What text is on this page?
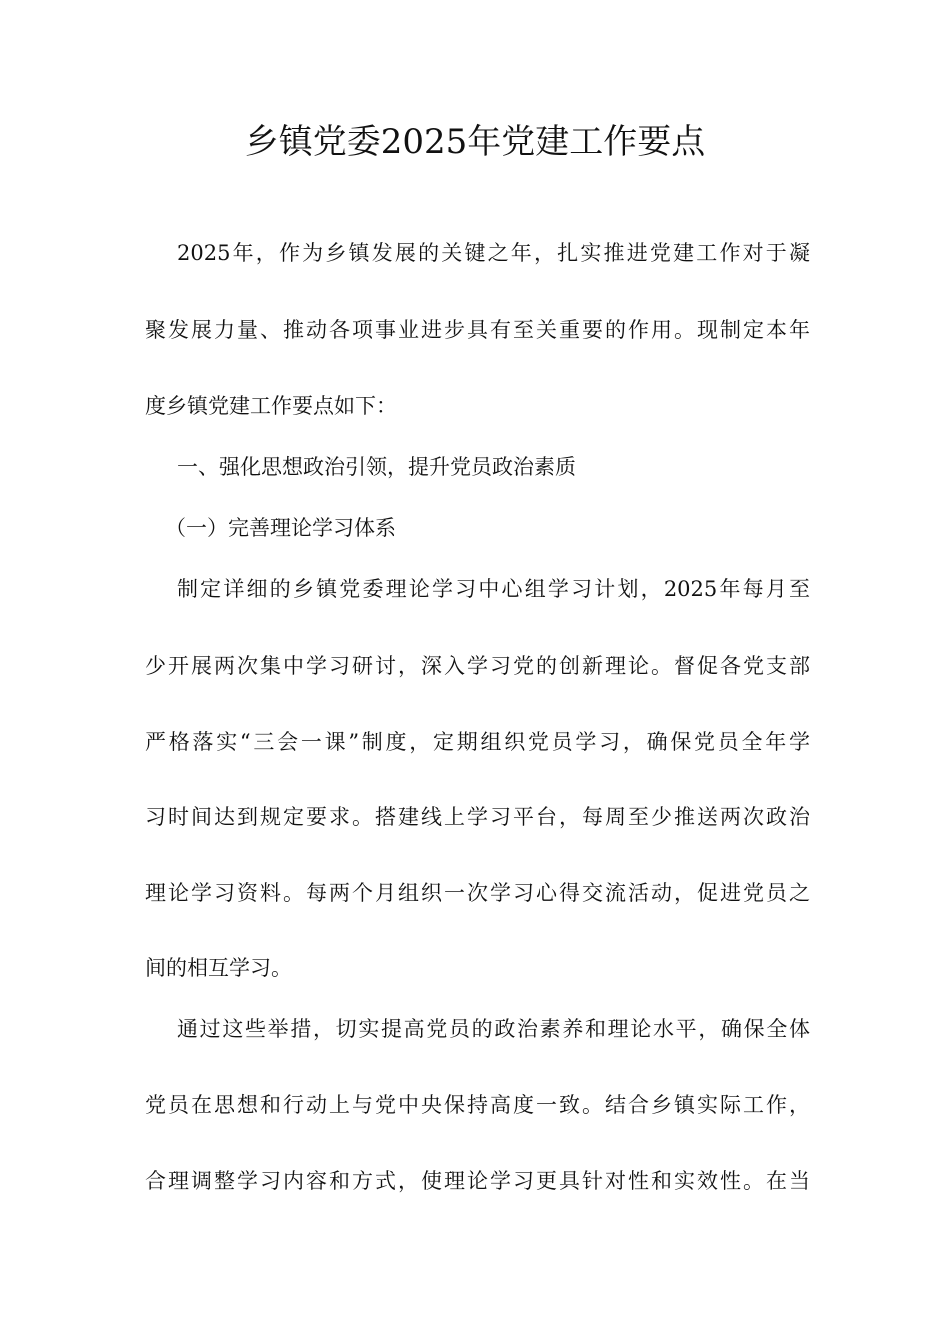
乡镇党委2025年党建工作要点
2025年，作为乡镇发展的关键之年，扎实推进党建工作对于凝
聚发展力量、推动各项事业进步具有至关重要的作用。现制定本年
度乡镇党建工作要点如下：
一、强化思想政治引领，提升党员政治素质
（一）完善理论学习体系
制定详细的乡镇党委理论学习中心组学习计划，2025年每月至
少开展两次集中学习研讨，深入学习党的创新理论。督促各党支部
严格落实“三会一课”制度，定期组织党员学习，确保党员全年学
习时间达到规定要求。搭建线上学习平台，每周至少推送两次政治
理论学习资料。每两个月组织一次学习心得交流活动，促进党员之
间的相互学习。
通过这些举措，切实提高党员的政治素养和理论水平，确保全体
党员在思想和行动上与党中央保持高度一致。结合乡镇实际工作，
合理调整学习内容和方式，使理论学习更具针对性和实效性。在当
